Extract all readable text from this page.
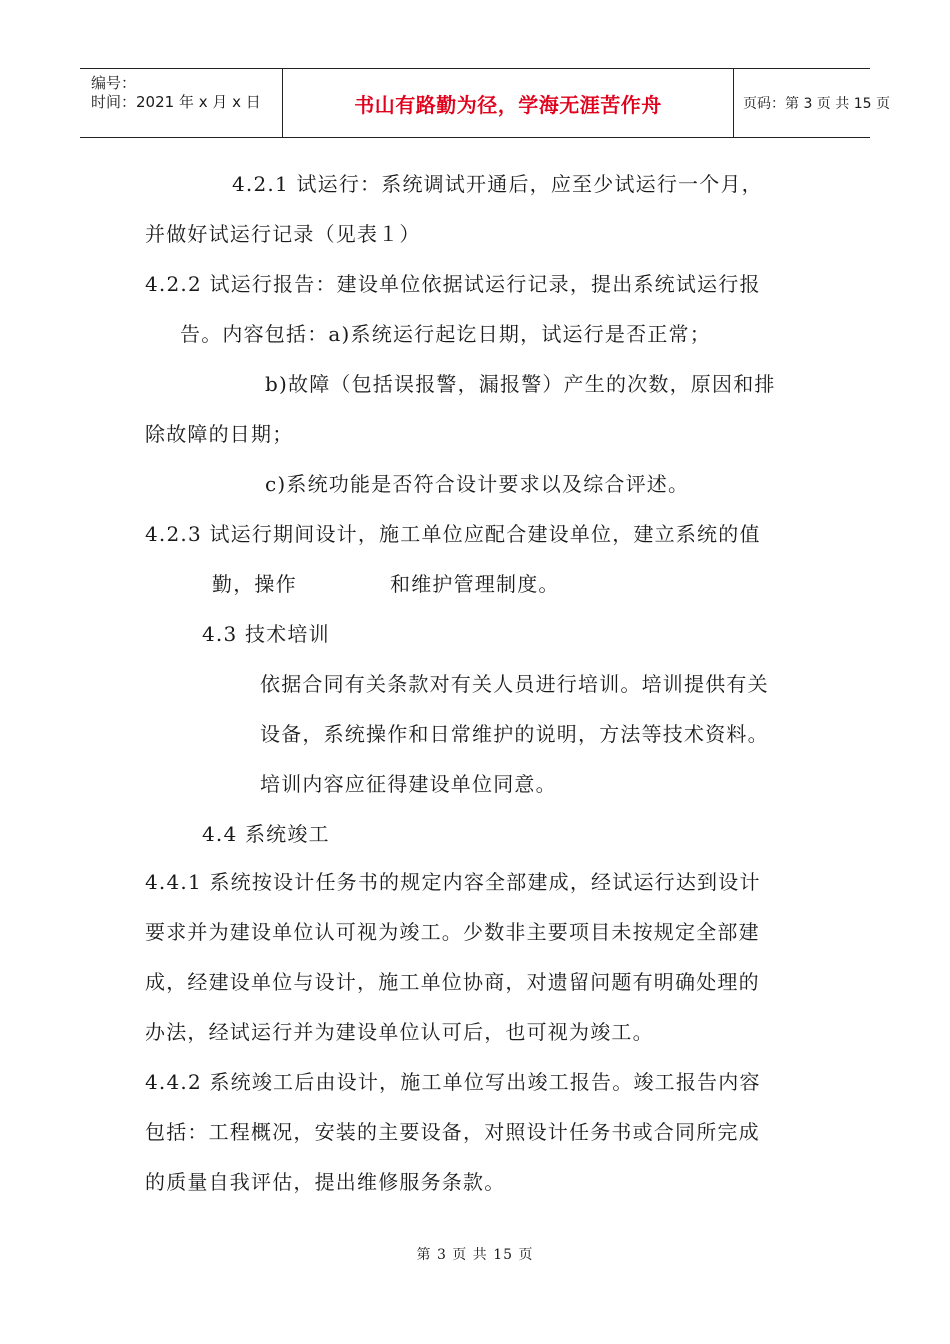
编号：
时间：2021 年 x 月 x 日	书山有路勤为径，学海无涯苦作舟	页码：第 3 页 共 15 页
4.2.1 试运行：系统调试开通后，应至少试运行一个月，
并做好试运行记录（见表１）
4.2.2 试运行报告：建设单位依据试运行记录，提出系统试运行报
告。内容包括：a)系统运行起讫日期，试运行是否正常；
b)故障（包括误报警，漏报警）产生的次数，原因和排
除故障的日期；
c)系统功能是否符合设计要求以及综合评述。
4.2.3 试运行期间设计，施工单位应配合建设单位，建立系统的值
勤，操作	和维护管理制度。
4.3 技术培训
依据合同有关条款对有关人员进行培训。培训提供有关
设备，系统操作和日常维护的说明，方法等技术资料。
培训内容应征得建设单位同意。
4.4 系统竣工
4.4.1 系统按设计任务书的规定内容全部建成，经试运行达到设计
要求并为建设单位认可视为竣工。少数非主要项目未按规定全部建
成，经建设单位与设计，施工单位协商，对遗留问题有明确处理的
办法，经试运行并为建设单位认可后，也可视为竣工。
4.4.2 系统竣工后由设计，施工单位写出竣工报告。竣工报告内容
包括：工程概况，安装的主要设备，对照设计任务书或合同所完成
的质量自我评估，提出维修服务条款。
第 3 页 共 15 页
